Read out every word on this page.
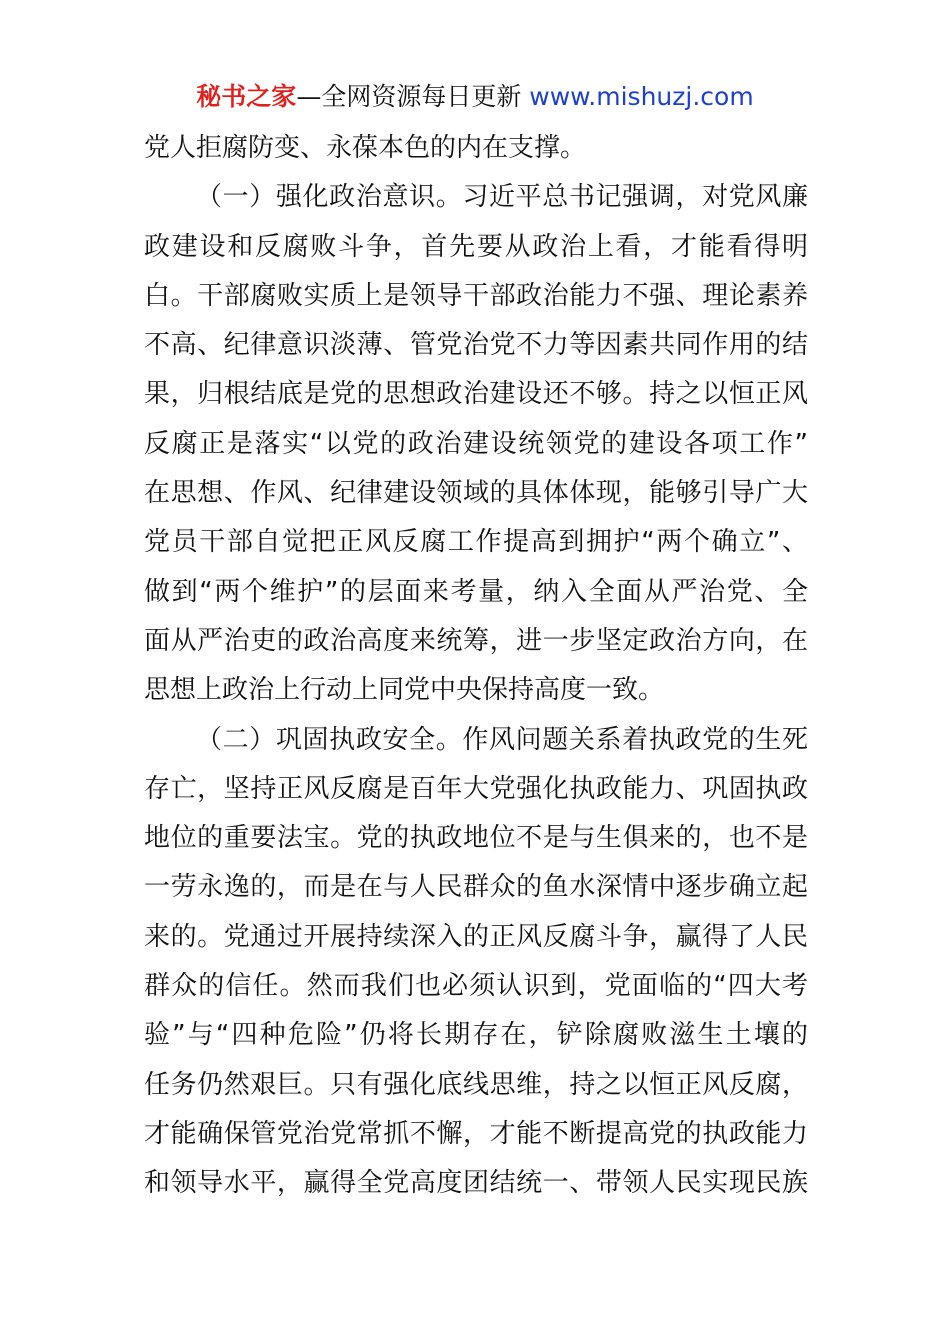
秘书之家—全网资源每日更新 www.mishuzj.com
党人拒腐防变、永葆本色的内在支撑。
（一）强化政治意识。习近平总书记强调，对党风廉
政建设和反腐败斗争，首先要从政治上看，才能看得明
白。干部腐败实质上是领导干部政治能力不强、理论素养
不高、纪律意识淡薄、管党治党不力等因素共同作用的结
果，归根结底是党的思想政治建设还不够。持之以恒正风
反腐正是落实“以党的政治建设统领党的建设各项工作”
在思想、作风、纪律建设领域的具体体现，能够引导广大
党员干部自觉把正风反腐工作提高到拥护“两个确立”、
做到“两个维护”的层面来考量，纳入全面从严治党、全
面从严治吏的政治高度来统筹，进一步坚定政治方向，在
思想上政治上行动上同党中央保持高度一致。
（二）巩固执政安全。作风问题关系着执政党的生死
存亡，坚持正风反腐是百年大党强化执政能力、巩固执政
地位的重要法宝。党的执政地位不是与生俱来的，也不是
一劳永逸的，而是在与人民群众的鱼水深情中逐步确立起
来的。党通过开展持续深入的正风反腐斗争，赢得了人民
群众的信任。然而我们也必须认识到，党面临的“四大考
验”与“四种危险”仍将长期存在，铲除腐败滋生土壤的
任务仍然艰巨。只有强化底线思维，持之以恒正风反腐，
才能确保管党治党常抓不懈，才能不断提高党的执政能力
和领导水平，赢得全党高度团结统一、带领人民实现民族
